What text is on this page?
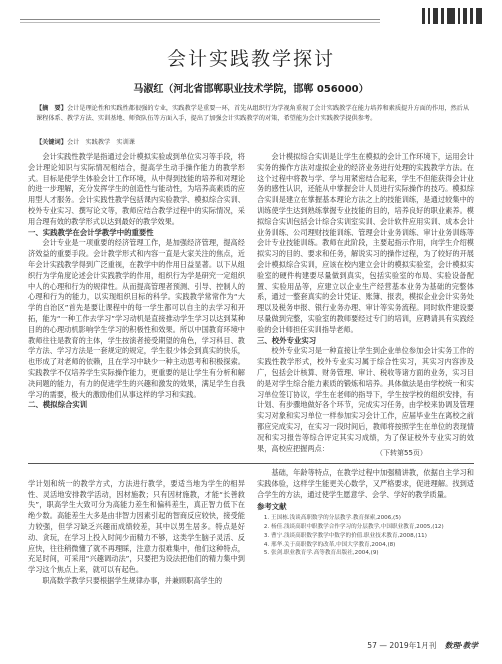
会计实践教学探讨
马淑红（河北省邯郸职业技术学院，邯郸 056000）
【摘　要】会计是理论性和实践性都很强的专业，实践教学是重要一环，首先从组织行为学视角重视了会计实践教学在能力培养和素质提升方面的作用，然后从课程体系、教学方法、实训基地、师资队伍等方面入手，提出了加强会计实践教学的对策，希望能为会计实践教学提供参考。
【关键词】会计　实践教学　实训课

会计实践性教学是指通过会计模拟实验或到单位实习等手段，将会计理论知识与实际情况相结合，提高学生动手操作能力的教学形式。目标是使学生体验会计工作环境，从中得到技能的培养和对理论的进一步理解，充分发挥学生的创造性与能动性，为培养高素质的应用型人才服务。会计实践性教学包括课内实验教学、模拟综合实训、校外专业实习、撰写论文等，教师应结合教学过程中的实际情况，采用合理有效的教学形式以达到最好的教学效果。

一、实践教学在会计学教学中的重要性

会计专业是一项重要的经济管理工作，是加强经济管理，提高经济效益的重要手段。会计教学形式和内容一直是大家关注的焦点，近年会计实践教学得到广泛重视，在教学中的作用日益显著。以下从组织行为学角度论述会计实践教学的作用，组织行为学是研究一定组织中人的心理和行为的规律性。从而提高管理者预测、引导、控制人的心理和行为的能力，以实现组织目标的科学。实践教学常常作为“大学的自治区”首先是要让课程中的每一学生都可以自主的去学习和开拓，能为“一种工作去学习”学习动机是直接推动学生学习以达到某种目的的心理动机影响学生学习的积极性和效果。所以中国教育环境中教师往往是教育的主体，学生按演者接受期望的角色，学习科目、教学方法、学习方法是一套规定的规定，学生很少体会到真实的快乐，也形成了对老师的依赖，且在学习中缺少一种主动思考和积极探索。实践教学不仅培养学生实际操作能力，更重要的是让学生有分析和解决问题的能力，有力的促进学生的兴趣和激发的效果，满足学生自我学习的需要，极大的激励他们从事这样的学习和实践。

二、模拟综合实训

会计模拟综合实训是让学生在模拟的会计工作环境下，运用会计实务的操作方法对虚拟企业的经济业务进行处理的实践教学方法。在这个过程中将教与学、学与用紧密结合起来，学生不但能获得会计业务的感性认识，还能从中掌握会计人员进行实际操作的技巧。模拟综合实训是建立在掌握基本理论方法之上的技能训练，是通过较集中的训练使学生达到熟练掌握专业技能的目的，培养良好的职业素养。模拟综合实训包括会计综合实训室实训、会计软件应用实训、成本会计业务训练、公司理财技能训练、管理会计业务训练、审计业务训练等会计专业技能训练。教师在此阶段，主要起指示作用，向学生介绍模拟实习的目的、要求和任务，解说实习的操作过程，为了较好的开展会计模拟综合实训，应该在校内建立会计的模拟实验室，会计模拟实验室的硬件构建要尽量做到真实，包括实验室的布局、实验设备配置、实验用品等，应建立以企业生产经营基本业务为基础的完整体系，通过一整套真实的会计凭证、账簿、报表，模拟企业会计实务处理以及税务申报、银行业务办理、审计等实务流程。同时软件建设要尽量做到完整，实验室的教师要经过专门的培训，应聘请具有实践经验的会计师担任实训指导老师。

三、校外专业实习

校外专业实习是一种直接让学生到企业单位参加会计实务工作的实践性教学形式，校外专业实习属于综合性实习，其实习内容涉及广，包括会计核算、财务管理、审计、税收等诸方面的业务，实习目的是对学生综合能力素质的锻炼和培养。具体做法是由学校统一和实习单位签订协议，学生在老师的指导下，学生按学校的组织安排，有计划、有步骤地做好各个环节，完成实习任务，由学校来协调及管理实习对象和实习单位一样参加实习会计工作，应届毕业生在离校之前都应完成实习，在实习一段时间后，教师将按照学生在单位的表现情况和实习报告等综合评定其实习成绩，为了保证校外专业实习的效果，高校应把握两点：

（下转第55页）

学计划和统一的教学方式，方法进行教学，要适当地为学生的相异性、灵活地安排教学活动，因材施教；只有因材施教，才能“长善救失”，职高学生大致可分为高能力差生和偏科差生，真正智力低下在绝少数。高能差生大多是由非智力因素引起的智商反应较快，接受能力较强，但学习缺乏兴趣而成绩较差，其中以男生居多。特点是好动、贪玩，在学习上投入时间少而精力不够，这类学生脑子灵活、反应快，往往稍微懂了就不再理睬，注意力很难集中，他们这种特点，充足时间，可采用“兴趣调动法”，只要把为设法把他们的精力集中到学习这个焦点上来，就可以有起色。
　　职高数学教学只要根据学生规律办事，并兼顾职高学生的

基础，年龄等特点，在教学过程中加强精讲教，依据自主学习和实践体验，这样学生能更关心数学，又严格要求，促进理解。找到适合学生的方法，通过使学生愿意学、会学、学好的教学质量。

参考文献
1. 王国栋.浅谈高职数学的分层教学.教育探索,2006,(5)
2. 杨佳.浅谈高职中职教学合作学习的分层教学,中国职业教育,2005,(12)
3. 曹宁.浅谈高职数学教学中数学的价值.职业技术教育,2008,(11)
4. 邢华.关于高职数学的改革,中国大学教育,2004,(8)
5. 张剑.职业教育学.高等教育出版社,2004,(9)
57 — 2019年1月刊 数理·教学
